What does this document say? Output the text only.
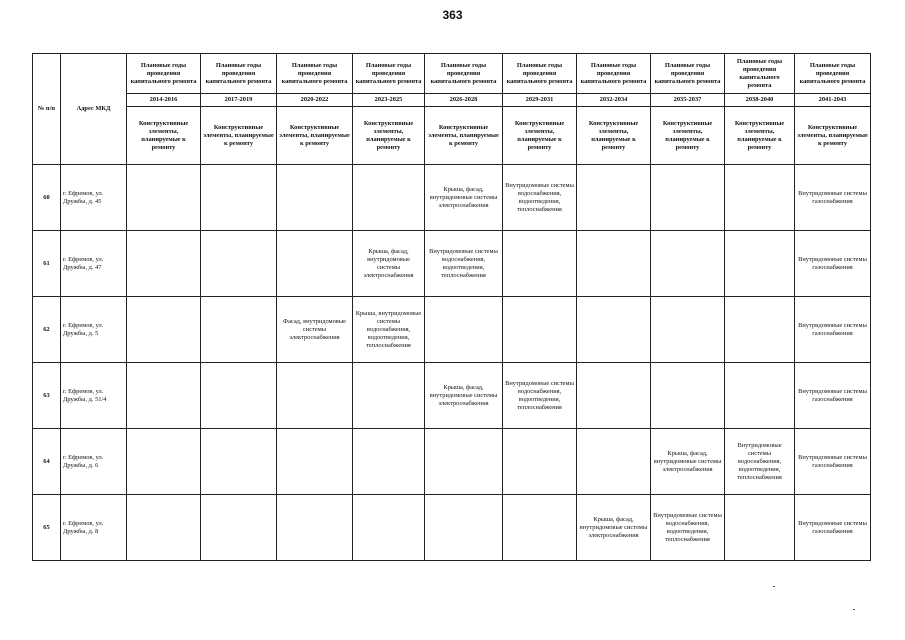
363
№ п/п	Адрес МКД	Плановые годы проведения капитального ремонта	Плановые годы проведения капитального ремонта	Плановые годы проведения капитального ремонта	Плановые годы проведения капитального ремонта	Плановые годы проведения капитального ремонта	Плановые годы проведения капитального ремонта	Плановые годы проведения капитального ремонта	Плановые годы проведения капитального ремонта	Плановые годы проведения капитального ремонта	Плановые годы проведения капитального ремонта
		2014-2016	2017-2019	2020-2022	2023-2025	2026-2028	2029-2031	2032-2034	2035-2037	2038-2040	2041-2043
		Конструктивные элементы, планируемые к ремонту	Конструктивные элементы, планируемые к ремонту	Конструктивные элементы, планируемые к ремонту	Конструктивные элементы, планируемые к ремонту	Конструктивные элементы, планируемые к ремонту	Конструктивные элементы, планируемые к ремонту	Конструктивные элементы, планируемые к ремонту	Конструктивные элементы, планируемые к ремонту	Конструктивные элементы, планируемые к ремонту	Конструктивные элементы, планируемые к ремонту
60	г. Ефремов, ул. Дружбы, д. 45					Крыша, фасад, внутридомовые системы электроснабжения	Внутридомовые системы водоснабжения, водоотведения, теплоснабжения				Внутридомовые системы газоснабжения
61	г. Ефремов, ул. Дружбы, д. 47				Крыша, фасад, внутридомовые системы электроснабжения	Внутридомовые системы водоснабжения, водоотведения, теплоснабжения					Внутридомовые системы газоснабжения
62	г. Ефремов, ул. Дружбы, д. 5			Фасад, внутридомовые системы электроснабжения	Крыша, внутридомовые системы водоснабжения, водоотведения, теплоснабжения						Внутридомовые системы газоснабжения
63	г. Ефремов, ул. Дружбы, д. 51/4					Крыша, фасад, внутридомовые системы электроснабжения	Внутридомовые системы водоснабжения, водоотведения, теплоснабжения				Внутридомовые системы газоснабжения
64	г. Ефремов, ул. Дружбы, д. 6								Крыша, фасад, внутридомовые системы электроснабжения	Внутридомовые системы водоснабжения, водоотведения, теплоснабжения	Внутридомовые системы газоснабжения
65	г. Ефремов, ул. Дружбы, д. 8							Крыша, фасад, внутридомовые системы электроснабжения	Внутридомовые системы водоснабжения, водоотведения, теплоснабжения		Внутридомовые системы газоснабжения
